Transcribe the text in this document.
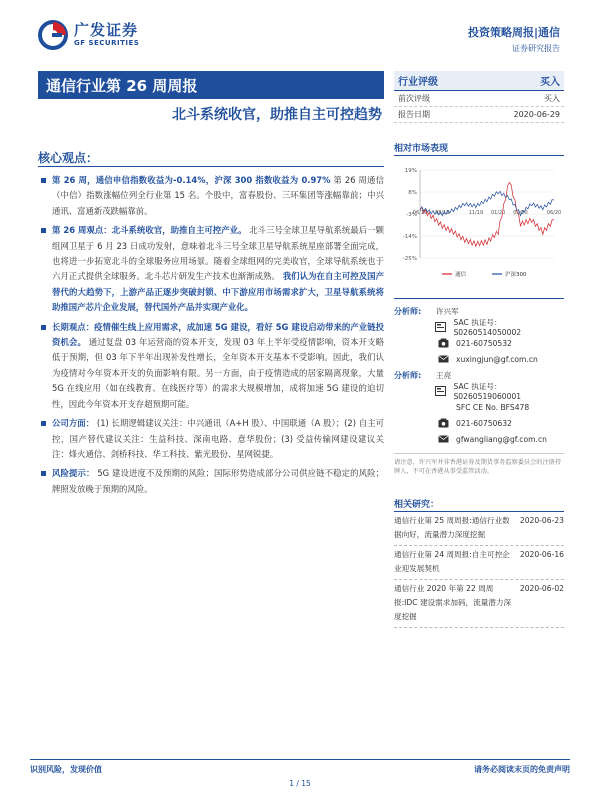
广发证券
GF SECURITIES
投资策略周报|通信
证券研究报告
通信行业第 26 周周报
北斗系统收官，助推自主可控趋势
行业评级	买入
前次评级	买入
报告日期	2020-06-29
核心观点：
第 26 周，通信申信指数收益为-0.14%，沪深 300 指数收益为 0.97% 第 26 周通信（中信）指数涨幅位列全行业第 15 名。个股中，富春股份、三环集团等涨幅靠前；中兴通讯、富通新茂跌幅靠前。
第 26 周观点：北斗系统收官，助推自主可控产业。 北斗三号全球卫星导航系统最后一颗组网卫星于 6 月 23 日成功发射，意味着北斗三号全球卫星导航系统星座部署全面完成，也将进一步拓宽北斗的全球服务应用场景。随着全球组网的完美收官，全球导航系统也于六月正式提供全球服务。北斗芯片研发生产技术也渐渐成熟。 我们认为在自主可控及国产替代的大趋势下，上游产品正逐步突破封锁、中下游应用市场需求扩大，卫星导航系统将助推国产芯片企业发展，替代国外产品并实现产业化。
长期观点：疫情催生线上应用需求，成加速 5G 建设，看好 5G 建设启动带来的产业链投资机会。 通过复盘 03 年运营商的资本开支，发现 03 年上半年受疫情影响，资本开支略低于预期，但 03 年下半年出现补发性增长，全年资本开支基本不受影响。因此，我们认为疫情对今年资本开支的负面影响有限。另一方面，由于疫情造成的居家隔离现象，大量 5G 在线应用（如在线教育、在线医疗等）的需求大规模增加，成将加速 5G 建设的迫切性，因此今年资本开支存超预期可能。
公司方面： (1) 长期逻辑建议关注：中兴通讯（A+H 股）、中国联通（A 股）；(2) 自主可控，国产替代建议关注：生益科技、深南电路、意华股份；(3) 受益传输网建设建议关注：烽火通信、剑桥科技、华工科技、紫光股份、星网锐捷。
风险提示： 5G 建设进度不及预期的风险；国际形势造成部分公司供应链不稳定的风险；牌照发放晚于预期的风险。
相对市场表现
19%
8%
-3%
-14%
-25%
06/19 08/19	11/19 01/20 03/20	06/20
通信	沪深300
分析师:	许兴军
SAC 执证号：S0260514050002
021-60750532
xuxingjun@gf.com.cn
分析师:	王亮
SAC 执证号：S0260519060001
SFC CE No. BFS478
021-60750632
gfwangliang@gf.com.cn
请注意，许兴军并非香港证券及期货事务监察委员会的注册持牌人，不可在香港从事受监管活动。
相关研究：
通信行业第 25 周周报:通信行业数据向好，流量潜力深度挖掘
2020-06-23
通信行业第 24 周周报:自主可控企业迎发展契机
2020-06-16
通信行业 2020 年第 22 周周报:IDC 建设需求加码，流量潜力深度挖掘
2020-06-02
识别风险，发现价值	请务必阅读末页的免责声明
1 / 15
